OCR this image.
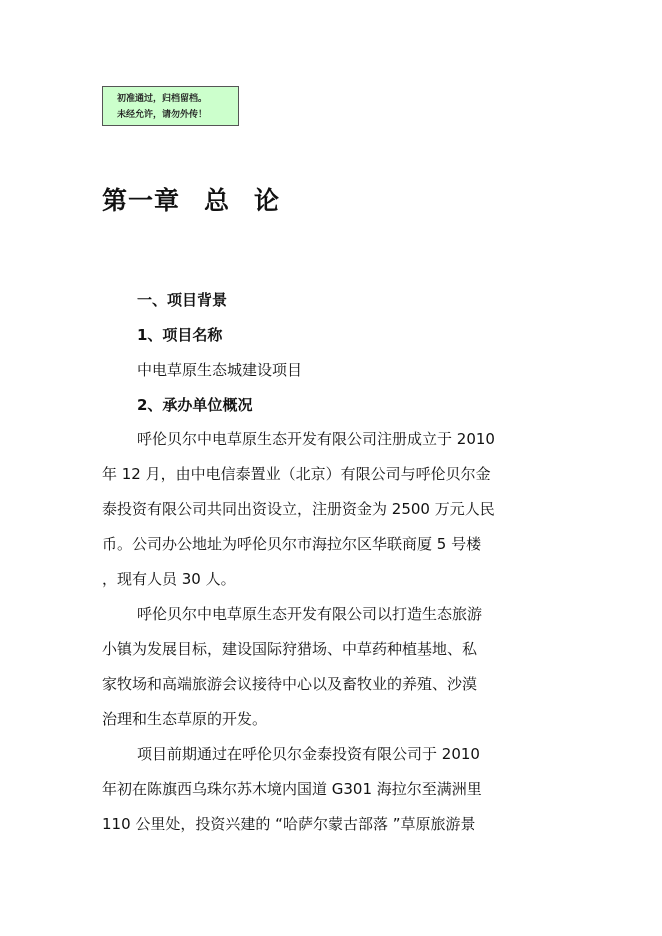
初准通过，归档留档。
未经允许，请勿外传！
第一章 总 论
一、项目背景
1、项目名称
中电草原生态城建设项目
2、承办单位概况
呼伦贝尔中电草原生态开发有限公司注册成立于 2010
年 12 月，由中电信泰置业（北京）有限公司与呼伦贝尔金
泰投资有限公司共同出资设立，注册资金为 2500 万元人民
币。公司办公地址为呼伦贝尔市海拉尔区华联商厦 5 号楼
，现有人员 30 人。
呼伦贝尔中电草原生态开发有限公司以打造生态旅游
小镇为发展目标，建设国际狩猎场、中草药种植基地、私
家牧场和高端旅游会议接待中心以及畜牧业的养殖、沙漠
治理和生态草原的开发。
项目前期通过在呼伦贝尔金泰投资有限公司于 2010
年初在陈旗西乌珠尔苏木境内国道 G301 海拉尔至满洲里
110 公里处，投资兴建的 “哈萨尔蒙古部落 ”草原旅游景
